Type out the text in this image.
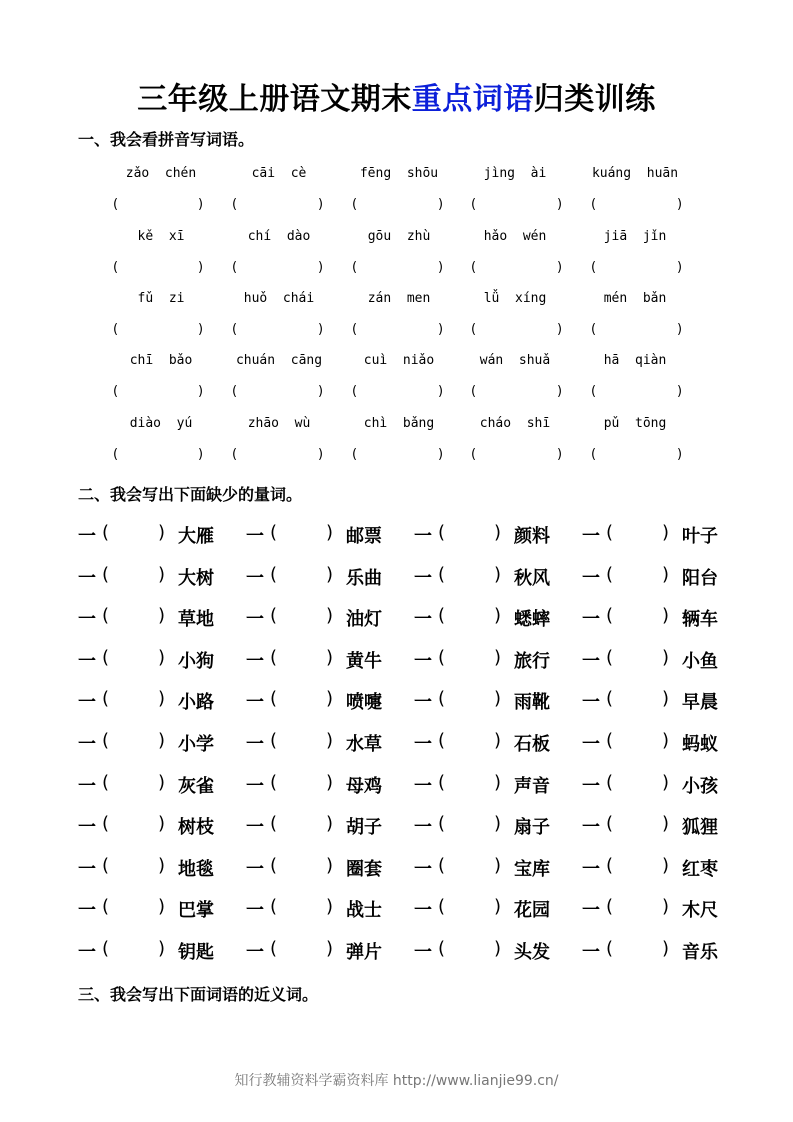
三年级上册语文期末重点词语归类训练
一、我会看拼音写词语。
zǎo  chén	cāi  cè	fēng  shōu	jìng  ài	kuáng  huān
(	) (	) (	) (	) (	)
kě  xī	chí  dào	gōu  zhù	hǎo  wén	jiā  jǐn
(	) (	) (	) (	) (	)
fǔ  zi	huǒ  chái	zán  men	lǚ  xíng	mén  bǎn
(	) (	) (	) (	) (	)
chī  bǎo	chuán  cāng	cuì  niǎo	wán  shuǎ	hā  qiàn
(	) (	) (	) (	) (	)
diào  yú	zhāo  wù	chì  bǎng	cháo  shī	pǔ  tōng
(	) (	) (	) (	) (	)
二、我会写出下面缺少的量词。
一 (	) 大雁 一 (	) 邮票 一 (	) 颜料 一 (	) 叶子
一 (	) 大树 一 (	) 乐曲 一 (	) 秋风 一 (	) 阳台
一 (	) 草地 一 (	) 油灯 一 (	) 蟋蟀 一 (	) 辆车
一 (	) 小狗 一 (	) 黄牛 一 (	) 旅行 一 (	) 小鱼
一 (	) 小路 一 (	) 喷嚏 一 (	) 雨靴 一 (	) 早晨
一 (	) 小学 一 (	) 水草 一 (	) 石板 一 (	) 蚂蚁
一 (	) 灰雀 一 (	) 母鸡 一 (	) 声音 一 (	) 小孩
一 (	) 树枝 一 (	) 胡子 一 (	) 扇子 一 (	) 狐狸
一 (	) 地毯 一 (	) 圈套 一 (	) 宝库 一 (	) 红枣
一 (	) 巴掌 一 (	) 战士 一 (	) 花园 一 (	) 木尺
一 (	) 钥匙 一 (	) 弹片 一 (	) 头发 一 (	) 音乐
三、我会写出下面词语的近义词。
知行教辅资料学霸资料库 http://www.lianjie99.cn/
